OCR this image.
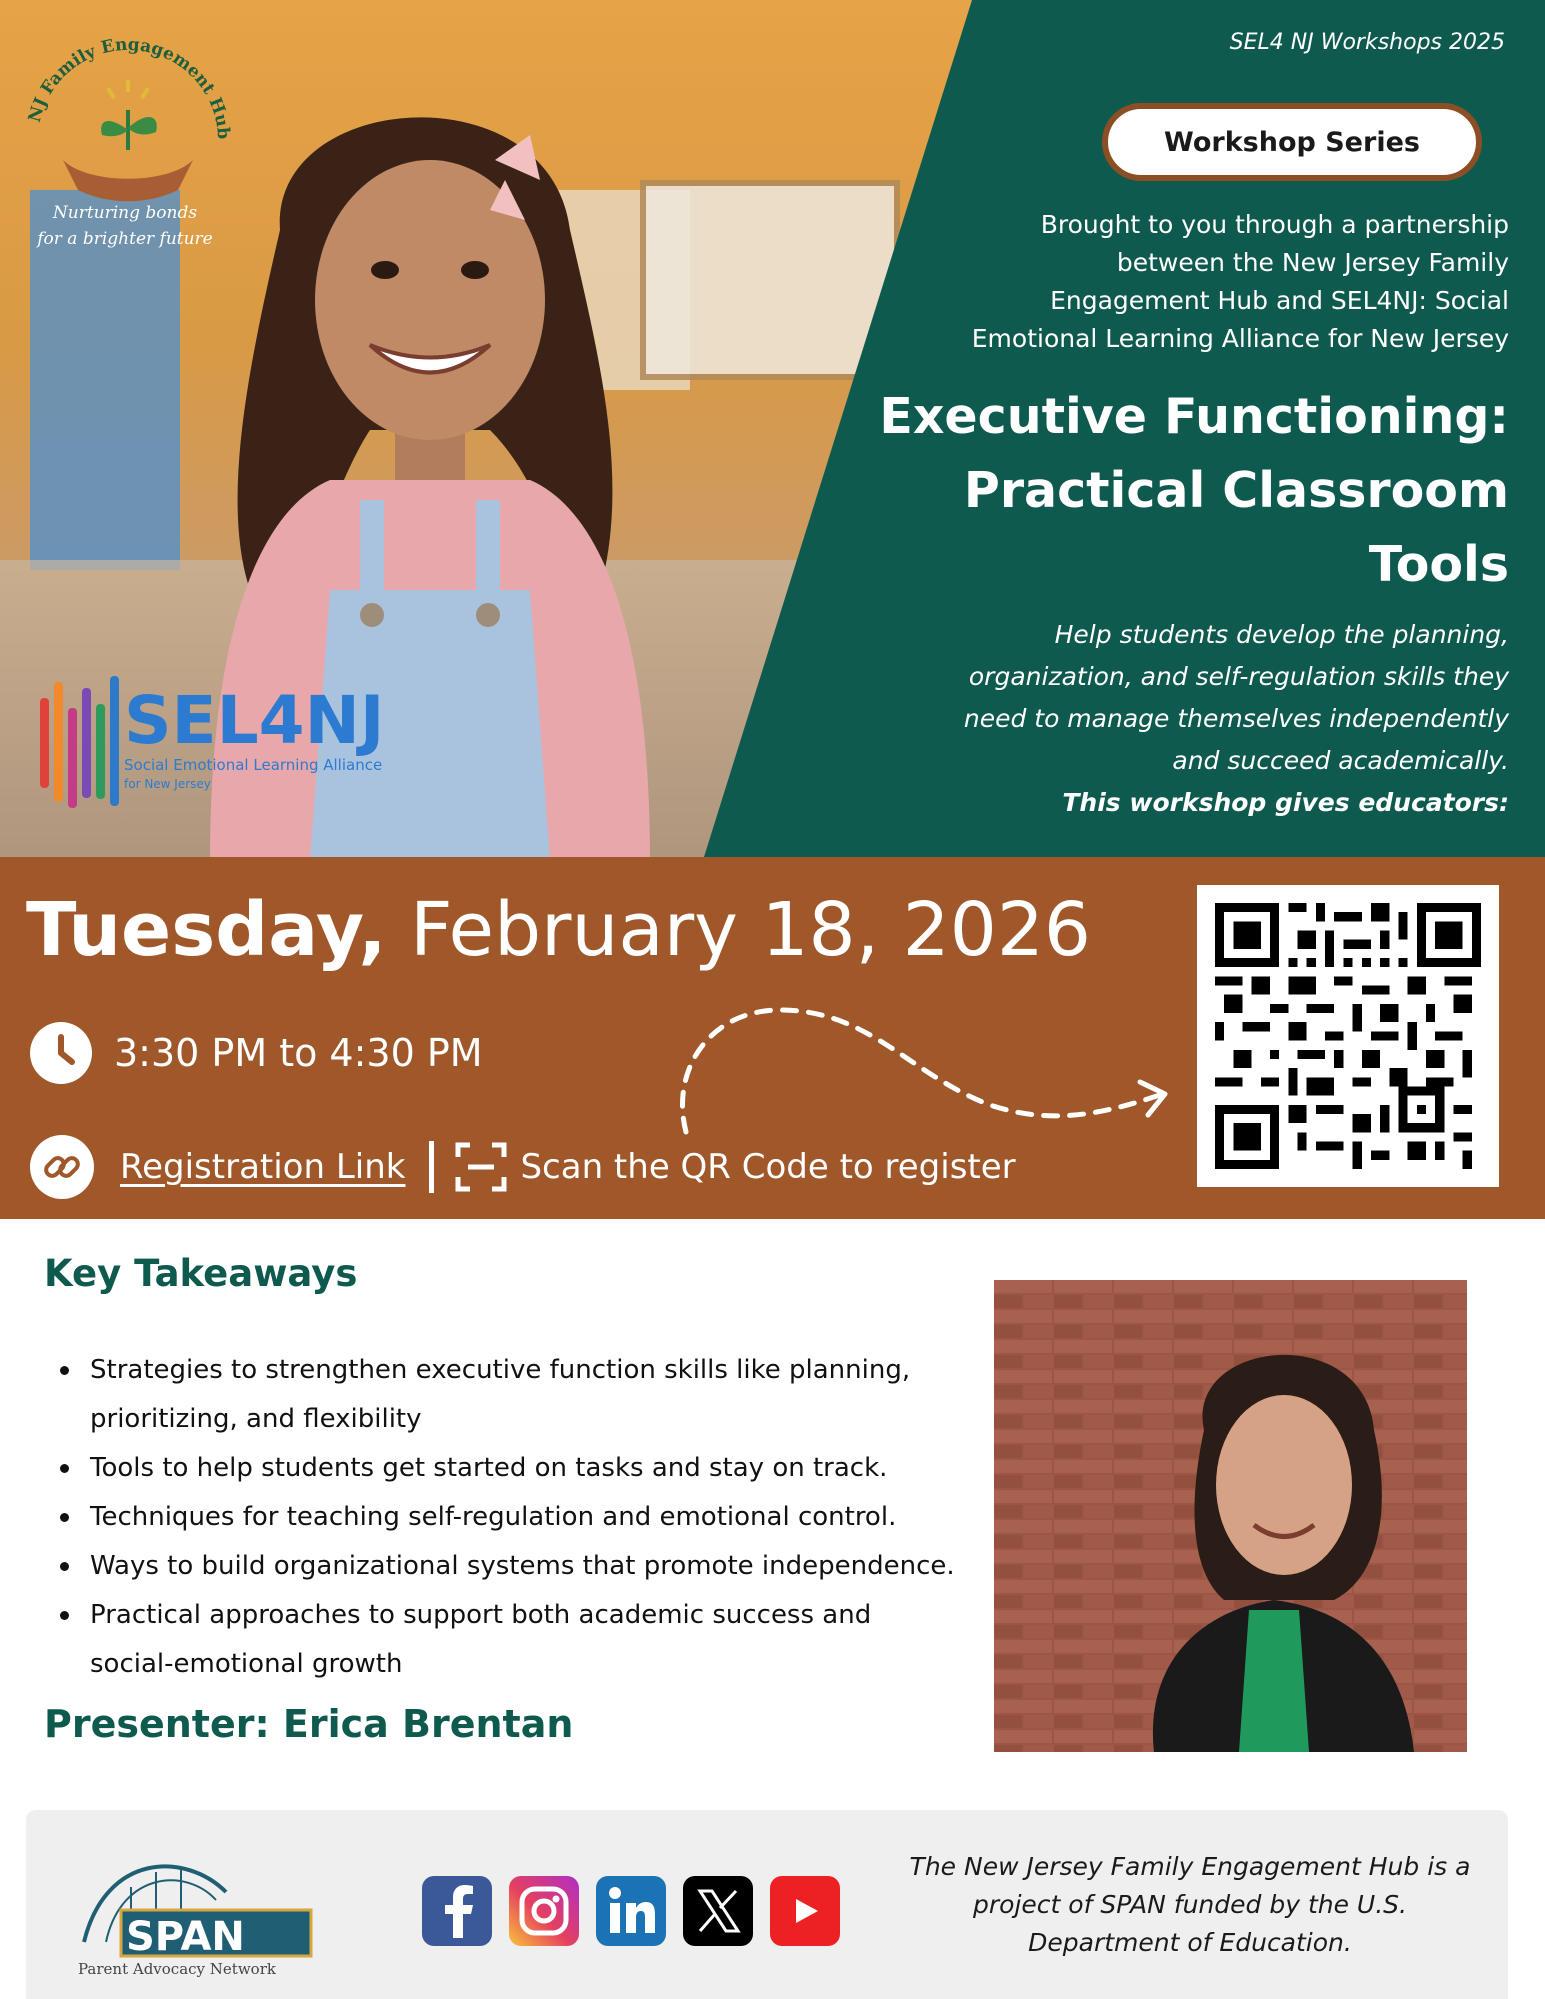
NJ Family Engagement Hub
Nurturing bonds
for a brighter future
SEL4NJ
Social Emotional Learning Alliance
for New Jersey
SEL4 NJ Workshops 2025
Workshop Series
Brought to you through a partnership
between the New Jersey Family
Engagement Hub and SEL4NJ: Social
Emotional Learning Alliance for New Jersey
Executive Functioning:
Practical Classroom
Tools
Help students develop the planning,
organization, and self-regulation skills they
need to manage themselves independently
and succeed academically.
This workshop gives educators:
Tuesday, February 18, 2026
3:30 PM to 4:30 PM
Registration Link	Scan the QR Code to register
Key Takeaways
Strategies to strengthen executive function skills like planning, prioritizing, and flexibility
Tools to help students get started on tasks and stay on track.
Techniques for teaching self-regulation and emotional control.
Ways to build organizational systems that promote independence.
Practical approaches to support both academic success and social-emotional growth
Presenter: Erica Brentan
SPAN
Parent Advocacy Network
The New Jersey Family Engagement Hub is a
project of SPAN funded by the U.S.
Department of Education.
